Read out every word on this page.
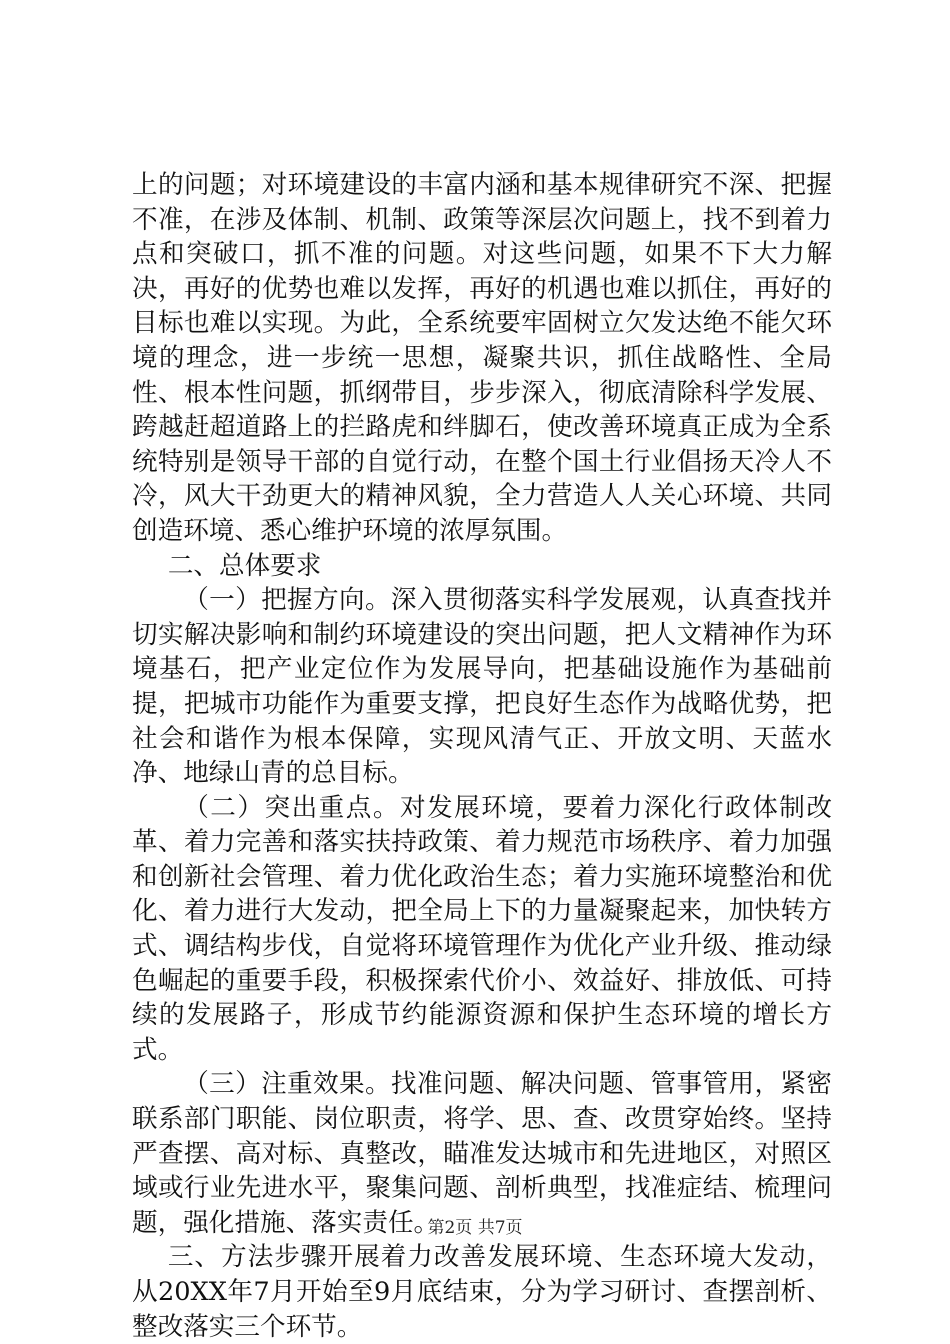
上的问题；对环境建设的丰富内涵和基本规律研究不深、把握不准，在涉及体制、机制、政策等深层次问题上，找不到着力点和突破口，抓不准的问题。对这些问题，如果不下大力解决，再好的优势也难以发挥，再好的机遇也难以抓住，再好的目标也难以实现。为此，全系统要牢固树立欠发达绝不能欠环境的理念，进一步统一思想，凝聚共识，抓住战略性、全局性、根本性问题，抓纲带目，步步深入，彻底清除科学发展、跨越赶超道路上的拦路虎和绊脚石，使改善环境真正成为全系统特别是领导干部的自觉行动，在整个国土行业倡扬天冷人不冷，风大干劲更大的精神风貌，全力营造人人关心环境、共同创造环境、悉心维护环境的浓厚氛围。

二、总体要求

（一）把握方向。深入贯彻落实科学发展观，认真查找并切实解决影响和制约环境建设的突出问题，把人文精神作为环境基石，把产业定位作为发展导向，把基础设施作为基础前提，把城市功能作为重要支撑，把良好生态作为战略优势，把社会和谐作为根本保障，实现风清气正、开放文明、天蓝水净、地绿山青的总目标。

（二）突出重点。对发展环境，要着力深化行政体制改革、着力完善和落实扶持政策、着力规范市场秩序、着力加强和创新社会管理、着力优化政治生态；着力实施环境整治和优化、着力进行大发动，把全局上下的力量凝聚起来，加快转方式、调结构步伐，自觉将环境管理作为优化产业升级、推动绿色崛起的重要手段，积极探索代价小、效益好、排放低、可持续的发展路子，形成节约能源资源和保护生态环境的增长方式。

（三）注重效果。找准问题、解决问题、管事管用，紧密联系部门职能、岗位职责，将学、思、查、改贯穿始终。坚持严查摆、高对标、真整改，瞄准发达城市和先进地区，对照区域或行业先进水平，聚集问题、剖析典型，找准症结、梳理问题，强化措施、落实责任。

三、方法步骤开展着力改善发展环境、生态环境大发动，从20XX年7月开始至9月底结束，分为学习研讨、查摆剖析、整改落实三个环节。

第2页 共7页
